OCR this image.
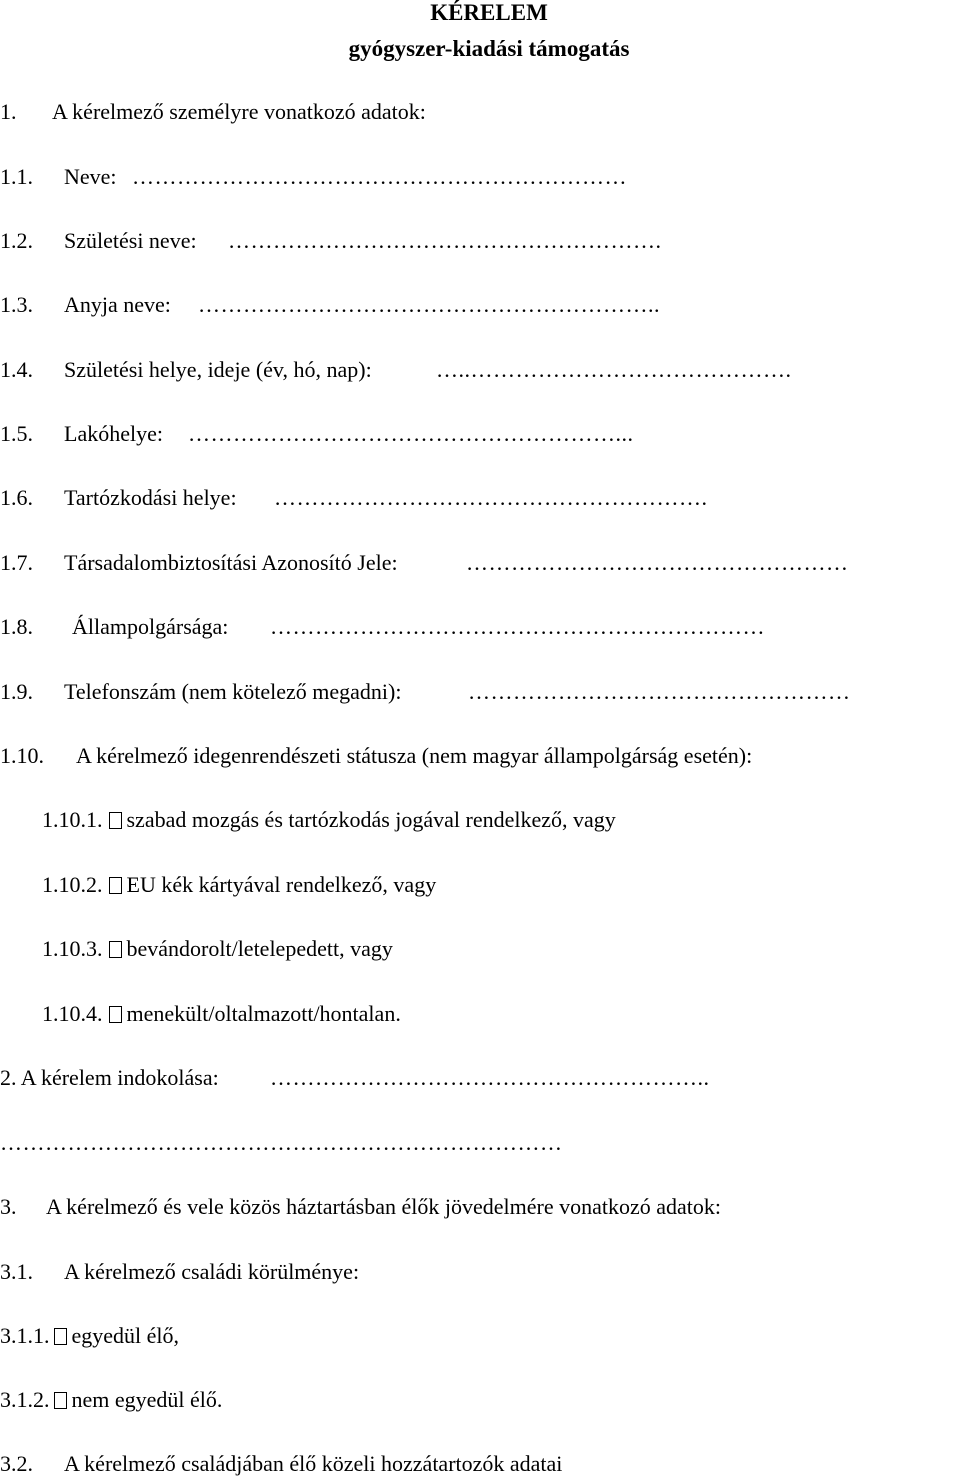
KÉRELEM
gyógyszer-kiadási támogatás
1. A kérelmező személyre vonatkozó adatok:
1.1. Neve: …………………………………………………………
1.2. Születési neve: ………………………………………………….
1.3. Anyja neve: ……………………………………………………..
1.4. Születési helye, ideje (év, hó, nap):	…..…………………………………….
1.5. Lakóhelye: …………………………………………………...
1.6. Tartózkodási helye: ………………………………………………….
1.7. Társadalombiztosítási Azonosító Jele:	……………………………………………
1.8. Állampolgársága: …………………………………………………………
1.9. Telefonszám (nem kötelező megadni):	……………………………………………
1.10. A kérelmező idegenrendészeti státusza (nem magyar állampolgárság esetén):
1.10.1. szabad mozgás és tartózkodás jogával rendelkező, vagy
1.10.2. EU kék kártyával rendelkező, vagy
1.10.3. bevándorolt/letelepedett, vagy
1.10.4. menekült/oltalmazott/hontalan.
2. A kérelem indokolása: …………………………………………………..
…………………………………………………………………
3. A kérelmező és vele közös háztartásban élők jövedelmére vonatkozó adatok:
3.1. A kérelmező családi körülménye:
3.1.1. egyedül élő,
3.1.2. nem egyedül élő.
3.2. A kérelmező családjában élő közeli hozzátartozók adatai
